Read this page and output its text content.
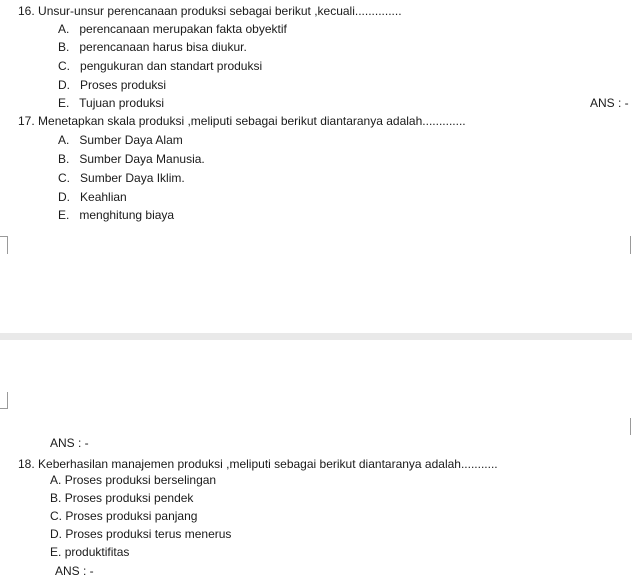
16. Unsur-unsur perencanaan produksi sebagai berikut ,kecuali..............
A. perencanaan merupakan fakta obyektif
B. perencanaan harus bisa diukur.
C. pengukuran dan standart produksi
D. Proses produksi
E. Tujuan produksi	ANS : -
17. Menetapkan skala produksi ,meliputi sebagai berikut diantaranya adalah.............
A. Sumber Daya Alam
B. Sumber Daya Manusia.
C. Sumber Daya Iklim.
D. Keahlian
E. menghitung biaya
ANS : -
18. Keberhasilan manajemen produksi ,meliputi sebagai berikut diantaranya adalah...........
A. Proses produksi berselingan
B. Proses produksi pendek
C. Proses produksi panjang
D. Proses produksi terus menerus
E. produktifitas
ANS : -
